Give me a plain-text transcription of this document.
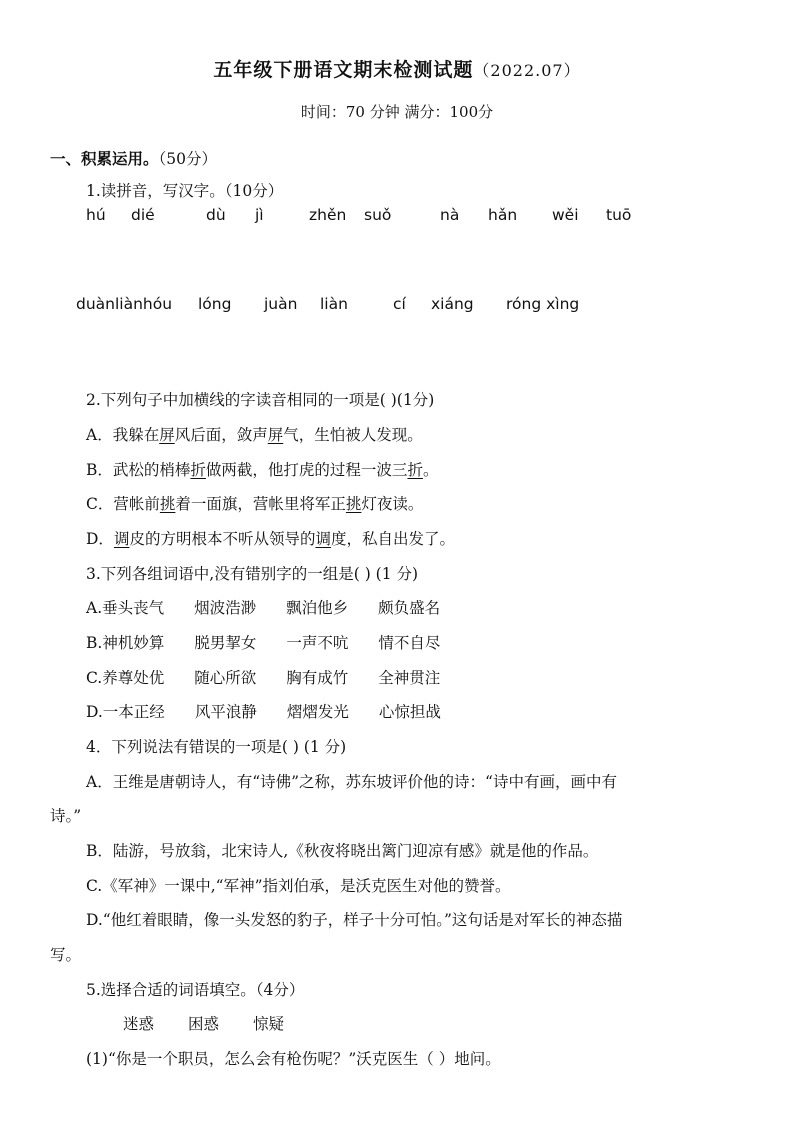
五年级下册语文期末检测试题（2022.07）
时间：70 分钟 满分：100分
一、积累运用。（50分）
1.读拼音，写汉字。（10分）
hú dié	dù jì	zhěn suǒ	nà hǎn wěi tuō
duànliànhóu lóng juàn liàn	cí xiáng róng xìng
2.下列句子中加横线的字读音相同的一项是( )(1分)
A．我躲在屏风后面，敛声屏气，生怕被人发现。
B．武松的梢棒折做两截，他打虎的过程一波三折。
C．营帐前挑着一面旗，营帐里将军正挑灯夜读。
D．调皮的方明根本不听从领导的调度，私自出发了。
3.下列各组词语中,没有错别字的一组是( ) (1 分)
A.垂头丧气 烟波浩渺 飘泊他乡 颇负盛名
B.神机妙算 脱男挈女 一声不吭 情不自尽
C.养尊处优 随心所欲 胸有成竹 全神贯注
D.一本正经 风平浪静 熠熠发光 心惊担战
4．下列说法有错误的一项是( ) (1 分)
A．王维是唐朝诗人，有“诗佛”之称，苏东坡评价他的诗：“诗中有画，画中有
诗。”
B．陆游，号放翁，北宋诗人,《秋夜将晓出篱门迎凉有感》就是他的作品。
C.《军神》一课中,“军神”指刘伯承，是沃克医生对他的赞誉。
D.“他红着眼睛，像一头发怒的豹子，样子十分可怕。”这句话是对军长的神态描
写。
5.选择合适的词语填空。（4分）
迷惑 困惑 惊疑
(1)“你是一个职员，怎么会有枪伤呢？”沃克医生（ ）地问。
